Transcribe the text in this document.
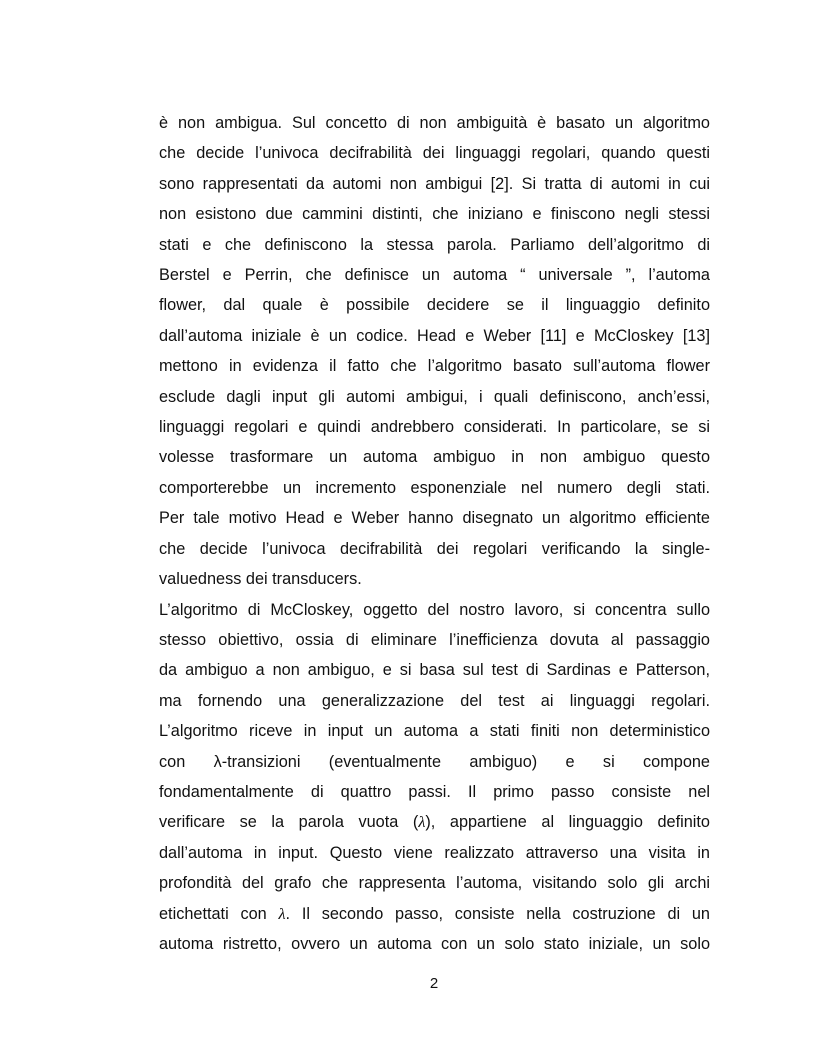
è non ambigua. Sul concetto di non ambiguità è basato un algoritmo
che decide l’univoca decifrabilità dei linguaggi regolari, quando questi
sono rappresentati da automi non ambigui [2]. Si tratta di automi in cui
non esistono due cammini distinti, che iniziano e finiscono negli stessi
stati e che definiscono la stessa parola. Parliamo dell’algoritmo di
Berstel e Perrin, che definisce un automa “ universale ”, l’automa
flower, dal quale è possibile decidere se il linguaggio definito
dall’automa iniziale è un codice. Head e Weber [11] e McCloskey [13]
mettono in evidenza il fatto che l’algoritmo basato sull’automa flower
esclude dagli input gli automi ambigui, i quali definiscono, anch’essi,
linguaggi regolari e quindi andrebbero considerati. In particolare, se si
volesse trasformare un automa ambiguo in non ambiguo questo
comporterebbe un incremento esponenziale nel numero degli stati.
Per tale motivo Head e Weber hanno disegnato un algoritmo efficiente
che decide l’univoca decifrabilità dei regolari verificando la single-
valuedness dei transducers.
L’algoritmo di McCloskey, oggetto del nostro lavoro, si concentra sullo
stesso obiettivo, ossia di eliminare l’inefficienza dovuta al passaggio
da ambiguo a non ambiguo, e si basa sul test di Sardinas e Patterson,
ma fornendo una generalizzazione del test ai linguaggi regolari.
L’algoritmo riceve in input un automa a stati finiti non deterministico
con λ-transizioni (eventualmente ambiguo) e si compone
fondamentalmente di quattro passi. Il primo passo consiste nel
verificare se la parola vuota (λ), appartiene al linguaggio definito
dall’automa in input. Questo viene realizzato attraverso una visita in
profondità del grafo che rappresenta l’automa, visitando solo gli archi
etichettati con λ. Il secondo passo, consiste nella costruzione di un
automa ristretto, ovvero un automa con un solo stato iniziale, un solo
2
